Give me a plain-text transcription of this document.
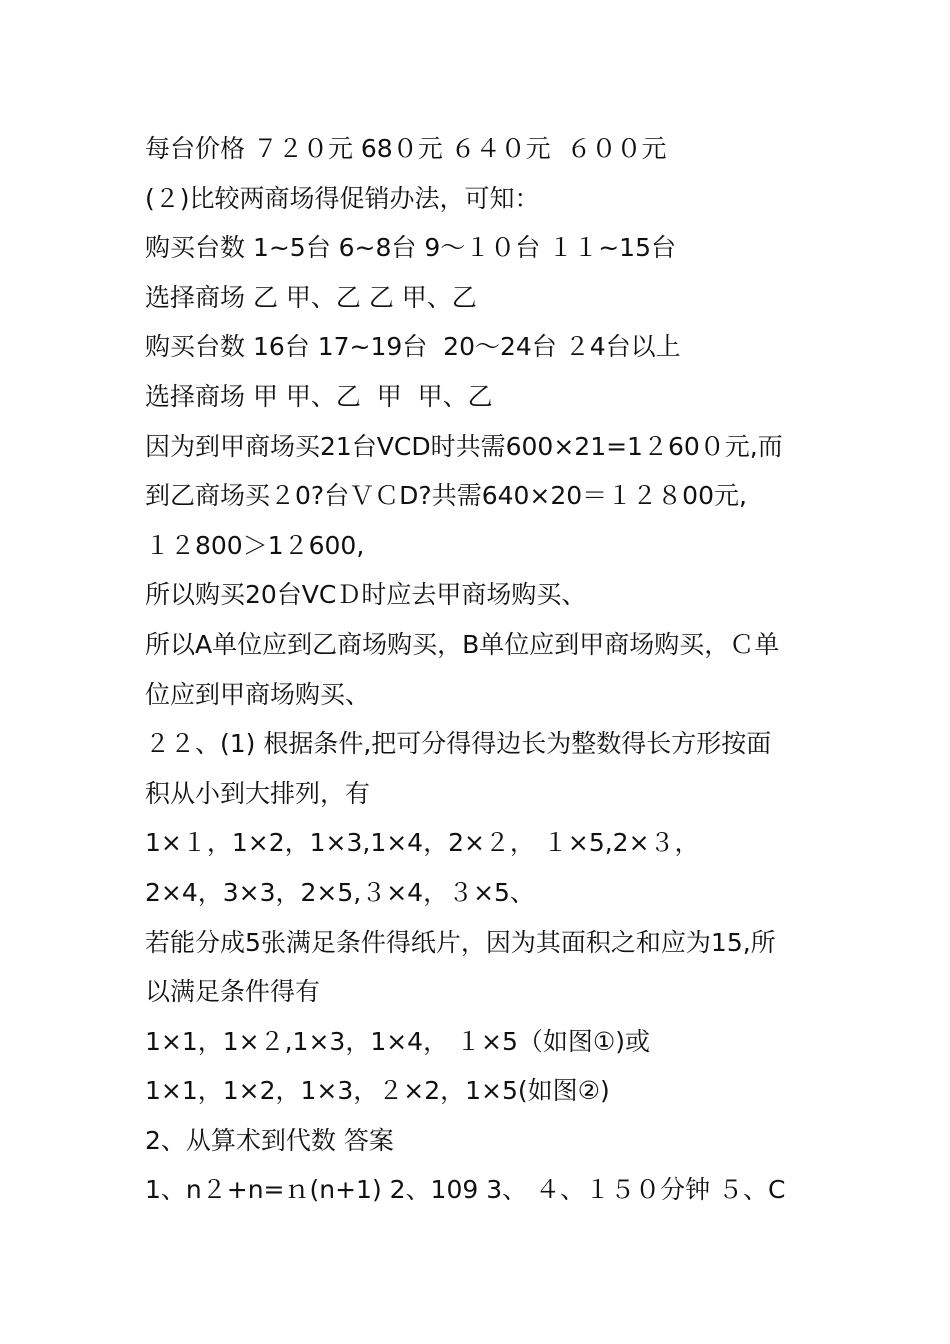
每台价格 ７２０元 68０元 ６４０元  ６００元
(２)比较两商场得促销办法，可知：
购买台数 1~5台 6~8台 9～１０台 １１~15台
选择商场 乙 甲、乙 乙 甲、乙
购买台数 16台 17~19台  20～24台 ２4台以上
选择商场 甲 甲、乙  甲  甲、乙
因为到甲商场买21台VCD时共需600×21=1２60０元,而
到乙商场买２0?台ＶＣD?共需640×20＝１２８00元,
１２800＞1２600,
所以购买20台VCＤ时应去甲商场购买、
所以A单位应到乙商场购买，B单位应到甲商场购买，Ｃ单
位应到甲商场购买、
２２、(1) 根据条件,把可分得得边长为整数得长方形按面
积从小到大排列，有
1×１，1×2，1×3,1×4，2×２， １×5,2×３，
2×4，3×3，2×5,３×4，３×5、
若能分成5张满足条件得纸片，因为其面积之和应为15,所
以满足条件得有
1×1，1×２,1×3，1×4， １×5（如图①)或
1×1，1×2，1×3，２×2，1×5(如图②)
2、从算术到代数 答案
1、n２+n=ｎ(n+1) 2、109 3、 ４、１５０分钟 ５、C
